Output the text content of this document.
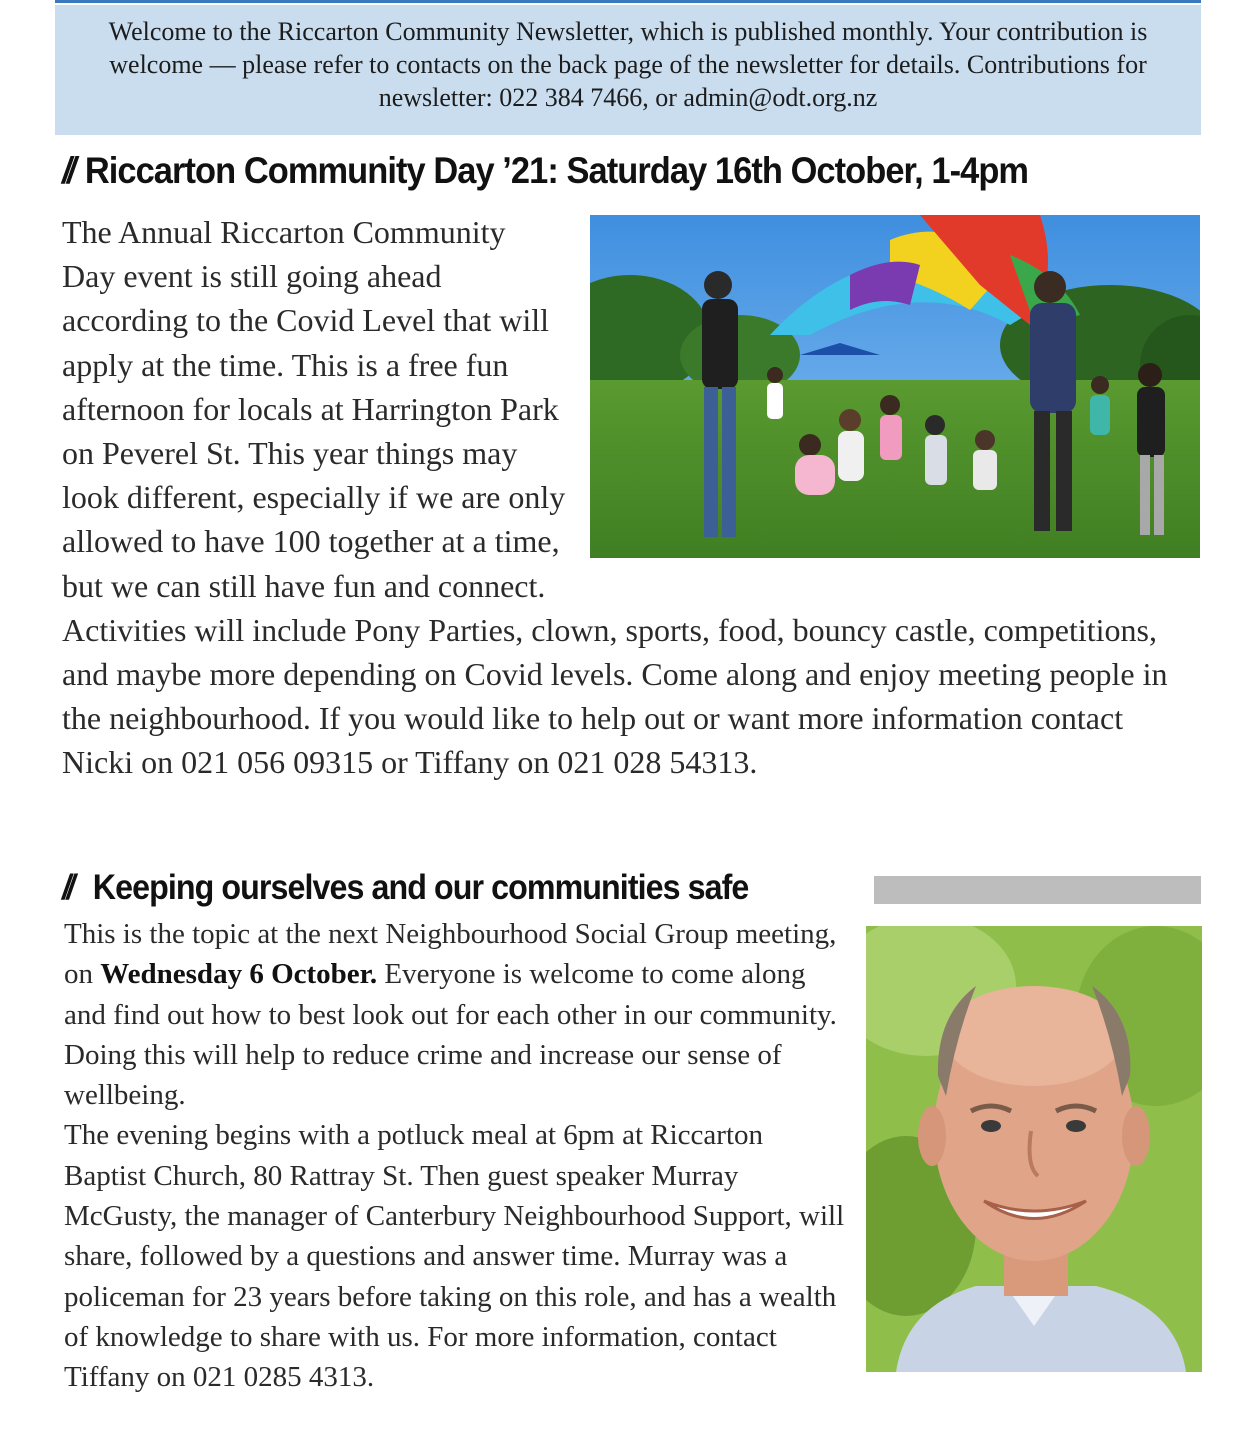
Welcome to the Riccarton Community Newsletter, which is published monthly. Your contribution is welcome — please refer to contacts on the back page of the newsletter for details. Contributions for newsletter: 022 384 7466, or admin@odt.org.nz
// Riccarton Community Day ’21: Saturday 16th October, 1-4pm
The Annual Riccarton Community Day event is still going ahead according to the Covid Level that will apply at the time. This is a free fun afternoon for locals at Harrington Park on Peverel St. This year things may look different, especially if we are only allowed to have 100 together at a time, but we can still have fun and connect. Activities will include Pony Parties, clown, sports, food, bouncy castle, competitions, and maybe more depending on Covid levels. Come along and enjoy meeting people in the neighbourhood. If you would like to help out or want more information contact Nicki on 021 056 09315 or Tiffany on 021 028 54313.
// Keeping ourselves and our communities safe

This is the topic at the next Neighbourhood Social Group meeting, on Wednesday 6 October. Everyone is welcome to come along and find out how to best look out for each other in our community. Doing this will help to reduce crime and increase our sense of wellbeing.

The evening begins with a potluck meal at 6pm at Riccarton Baptist Church, 80 Rattray St. Then guest speaker Murray McGusty, the manager of Canterbury Neighbourhood Support, will share, followed by a questions and answer time. Murray was a policeman for 23 years before taking on this role, and has a wealth of knowledge to share with us. For more information, contact Tiffany on 021 0285 4313.
